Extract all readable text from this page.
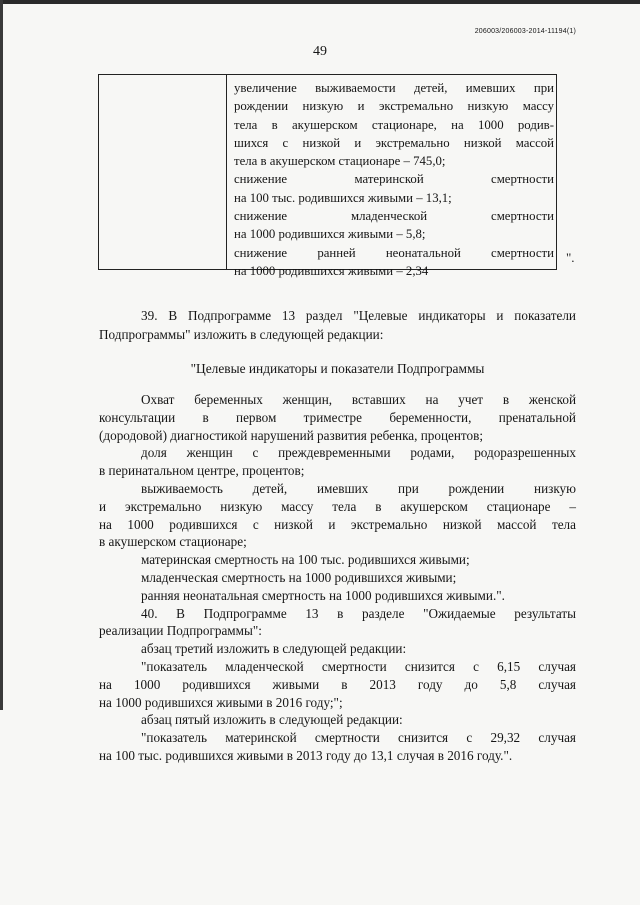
206003/206003-2014-11194(1)
49

увеличение выживаемости детей, имевших при

рождении низкую и экстремально низкую массу

тела в акушерском стационаре, на 1000 родив-

шихся с низкой и экстремально низкой массой

тела в акушерском стационаре – 745,0;

снижение материнской смертности

на 100 тыс. родившихся живыми – 13,1;

снижение младенческой смертности

на 1000 родившихся живыми – 5,8;

снижение ранней неонатальной смертности

на 1000 родившихся живыми – 2,34

".

39. В Подпрограмме 13 раздел "Целевые индикаторы и показатели

Подпрограммы" изложить в следующей редакции:

"Целевые индикаторы и показатели Подпрограммы

Охват беременных женщин, вставших на учет в женской

консультации в первом триместре беременности, пренатальной

(дородовой) диагностикой нарушений развития ребенка, процентов;

доля женщин с преждевременными родами, родоразрешенных

в перинатальном центре, процентов;

выживаемость детей, имевших при рождении низкую

и экстремально низкую массу тела в акушерском стационаре –

на 1000 родившихся с низкой и экстремально низкой массой тела

в акушерском стационаре;

материнская смертность на 100 тыс. родившихся живыми;

младенческая смертность на 1000 родившихся живыми;

ранняя неонатальная смертность на 1000 родившихся живыми.".

40. В Подпрограмме 13 в разделе "Ожидаемые результаты

реализации Подпрограммы":

абзац третий изложить в следующей редакции:

"показатель младенческой смертности снизится с 6,15 случая

на 1000 родившихся живыми в 2013 году до 5,8 случая

на 1000 родившихся живыми в 2016 году;";

абзац пятый изложить в следующей редакции:

"показатель материнской смертности снизится с 29,32 случая

на 100 тыс. родившихся живыми в 2013 году до 13,1 случая в 2016 году.".
